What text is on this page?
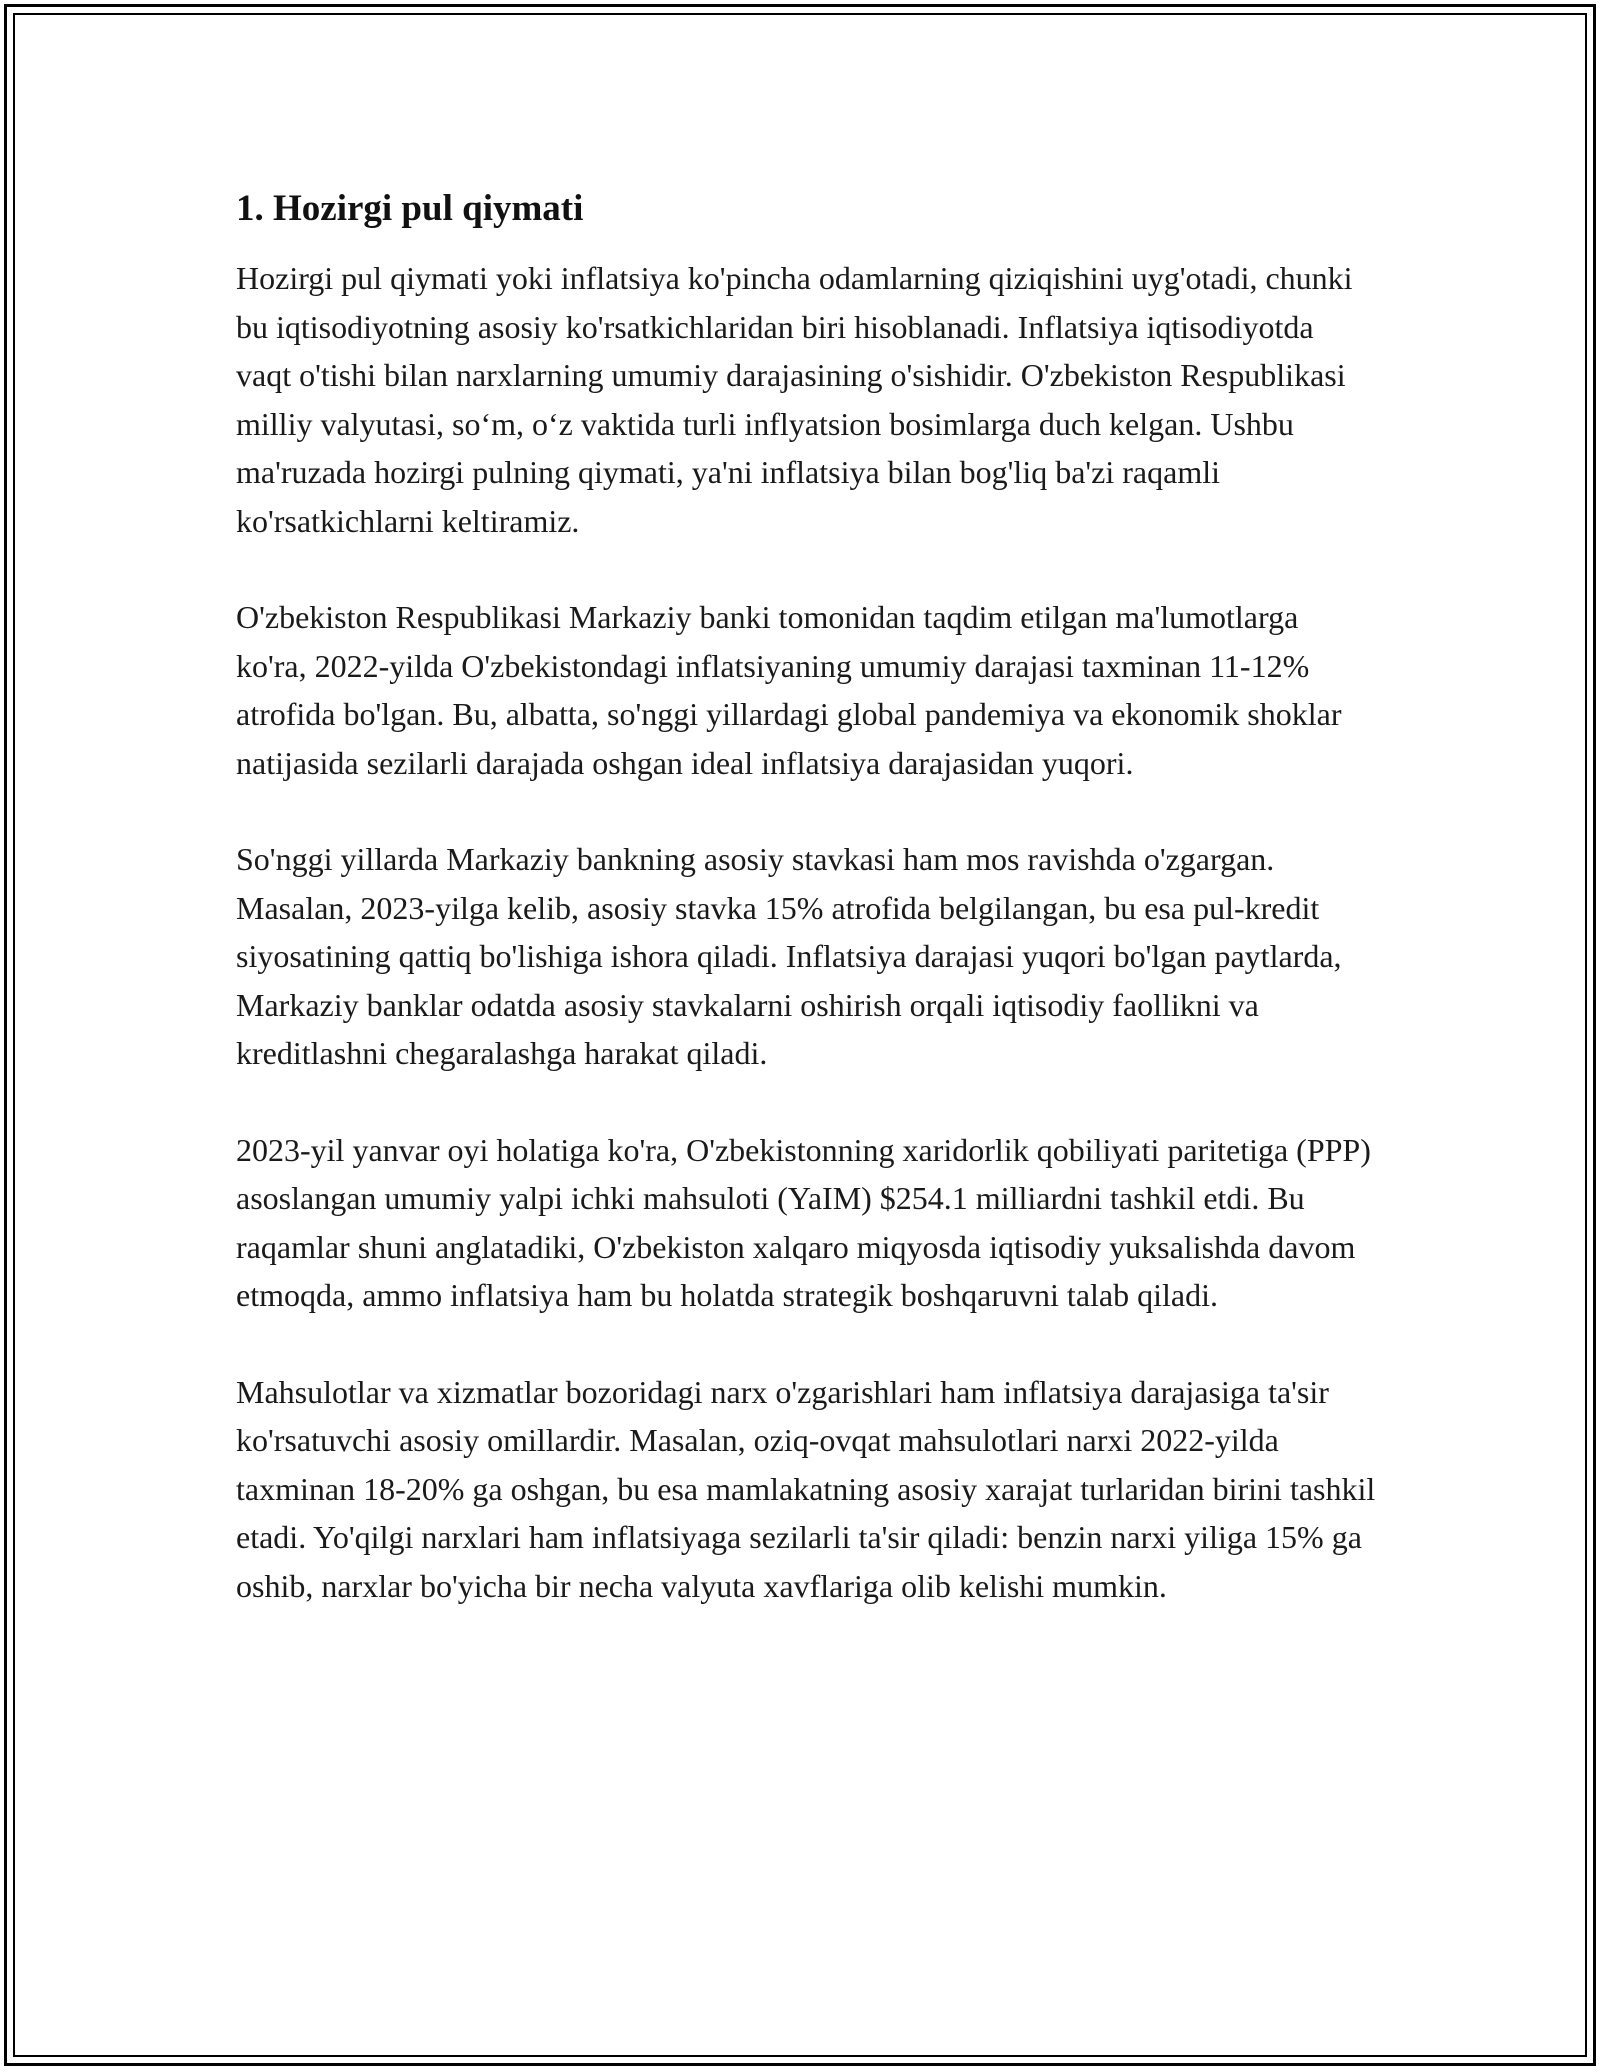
1. Hozirgi pul qiymati

Hozirgi pul qiymati yoki inflatsiya ko'pincha odamlarning qiziqishini uyg'otadi, chunki bu iqtisodiyotning asosiy ko'rsatkichlaridan biri hisoblanadi. Inflatsiya iqtisodiyotda vaqt o'tishi bilan narxlarning umumiy darajasining o'sishidir. O'zbekiston Respublikasi milliy valyutasi, so‘m, o‘z vaktida turli inflyatsion bosimlarga duch kelgan. Ushbu ma'ruzada hozirgi pulning qiymati, ya'ni inflatsiya bilan bog'liq ba'zi raqamli ko'rsatkichlarni keltiramiz.

O'zbekiston Respublikasi Markaziy banki tomonidan taqdim etilgan ma'lumotlarga ko'ra, 2022-yilda O'zbekistondagi inflatsiyaning umumiy darajasi taxminan 11-12% atrofida bo'lgan. Bu, albatta, so'nggi yillardagi global pandemiya va ekonomik shoklar natijasida sezilarli darajada oshgan ideal inflatsiya darajasidan yuqori.

So'nggi yillarda Markaziy bankning asosiy stavkasi ham mos ravishda o'zgargan. Masalan, 2023-yilga kelib, asosiy stavka 15% atrofida belgilangan, bu esa pul-kredit siyosatining qattiq bo'lishiga ishora qiladi. Inflatsiya darajasi yuqori bo'lgan paytlarda, Markaziy banklar odatda asosiy stavkalarni oshirish orqali iqtisodiy faollikni va kreditlashni chegaralashga harakat qiladi.

2023-yil yanvar oyi holatiga ko'ra, O'zbekistonning xaridorlik qobiliyati paritetiga (PPP) asoslangan umumiy yalpi ichki mahsuloti (YaIM) $254.1 milliardni tashkil etdi. Bu raqamlar shuni anglatadiki, O'zbekiston xalqaro miqyosda iqtisodiy yuksalishda davom etmoqda, ammo inflatsiya ham bu holatda strategik boshqaruvni talab qiladi.

Mahsulotlar va xizmatlar bozoridagi narx o'zgarishlari ham inflatsiya darajasiga ta'sir ko'rsatuvchi asosiy omillardir. Masalan, oziq-ovqat mahsulotlari narxi 2022-yilda taxminan 18-20% ga oshgan, bu esa mamlakatning asosiy xarajat turlaridan birini tashkil etadi. Yo'qilgi narxlari ham inflatsiyaga sezilarli ta'sir qiladi: benzin narxi yiliga 15% ga oshib, narxlar bo'yicha bir necha valyuta xavflariga olib kelishi mumkin.
